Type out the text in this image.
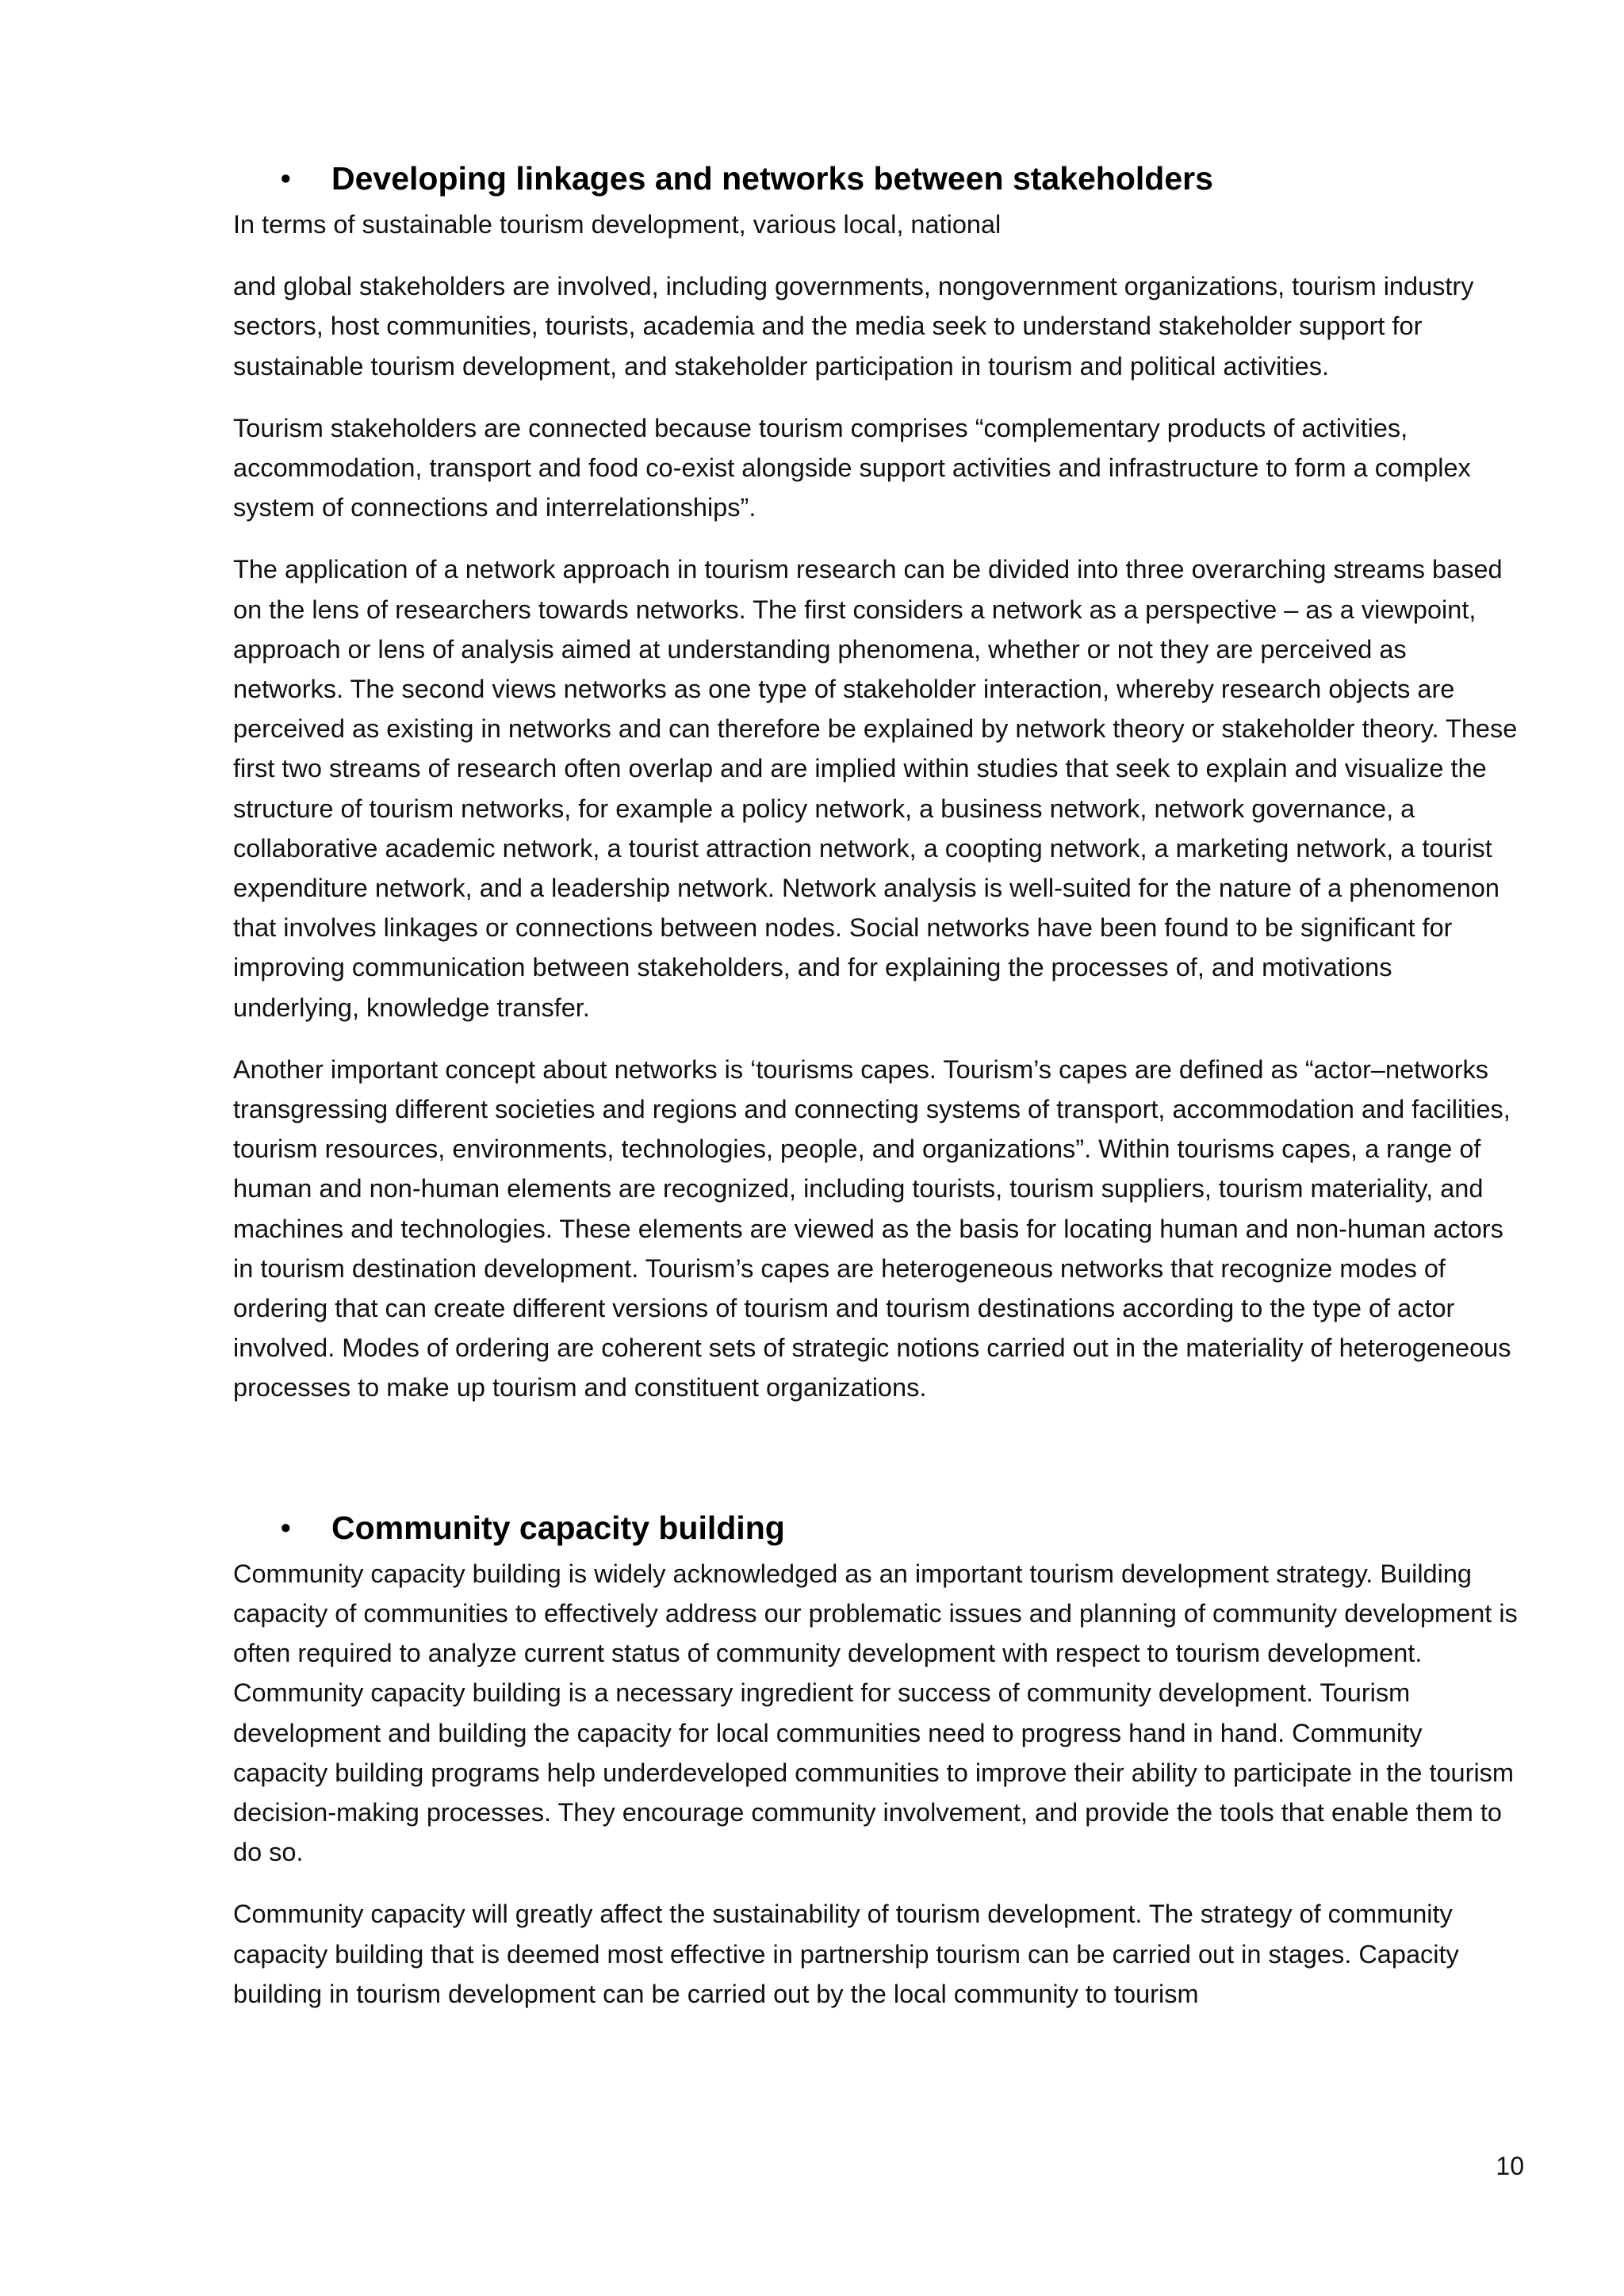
• Developing linkages and networks between stakeholders

In terms of sustainable tourism development, various local, national

and global stakeholders are involved, including governments, nongovernment organizations, tourism industry sectors, host communities, tourists, academia and the media seek to understand stakeholder support for sustainable tourism development, and stakeholder participation in tourism and political activities.

Tourism stakeholders are connected because tourism comprises “complementary products of activities, accommodation, transport and food co-exist alongside support activities and infrastructure to form a complex system of connections and interrelationships”.

The application of a network approach in tourism research can be divided into three overarching streams based on the lens of researchers towards networks. The first considers a network as a perspective – as a viewpoint, approach or lens of analysis aimed at understanding phenomena, whether or not they are perceived as networks. The second views networks as one type of stakeholder interaction, whereby research objects are perceived as existing in networks and can therefore be explained by network theory or stakeholder theory. These first two streams of research often overlap and are implied within studies that seek to explain and visualize the structure of tourism networks, for example a policy network, a business network, network governance, a collaborative academic network, a tourist attraction network, a coopting network, a marketing network, a tourist expenditure network, and a leadership network. Network analysis is well-suited for the nature of a phenomenon that involves linkages or connections between nodes. Social networks have been found to be significant for improving communication between stakeholders, and for explaining the processes of, and motivations underlying, knowledge transfer.

Another important concept about networks is ‘tourisms capes. Tourism’s capes are defined as “actor–networks transgressing different societies and regions and connecting systems of transport, accommodation and facilities, tourism resources, environments, technologies, people, and organizations”. Within tourisms capes, a range of human and non-human elements are recognized, including tourists, tourism suppliers, tourism materiality, and machines and technologies. These elements are viewed as the basis for locating human and non-human actors in tourism destination development. Tourism’s capes are heterogeneous networks that recognize modes of ordering that can create different versions of tourism and tourism destinations according to the type of actor involved. Modes of ordering are coherent sets of strategic notions carried out in the materiality of heterogeneous processes to make up tourism and constituent organizations.

• Community capacity building

Community capacity building is widely acknowledged as an important tourism development strategy. Building capacity of communities to effectively address our problematic issues and planning of community development is often required to analyze current status of community development with respect to tourism development. Community capacity building is a necessary ingredient for success of community development. Tourism development and building the capacity for local communities need to progress hand in hand. Community capacity building programs help underdeveloped communities to improve their ability to participate in the tourism decision-making processes. They encourage community involvement, and provide the tools that enable them to do so.

Community capacity will greatly affect the sustainability of tourism development. The strategy of community capacity building that is deemed most effective in partnership tourism can be carried out in stages. Capacity building in tourism development can be carried out by the local community to tourism

10
